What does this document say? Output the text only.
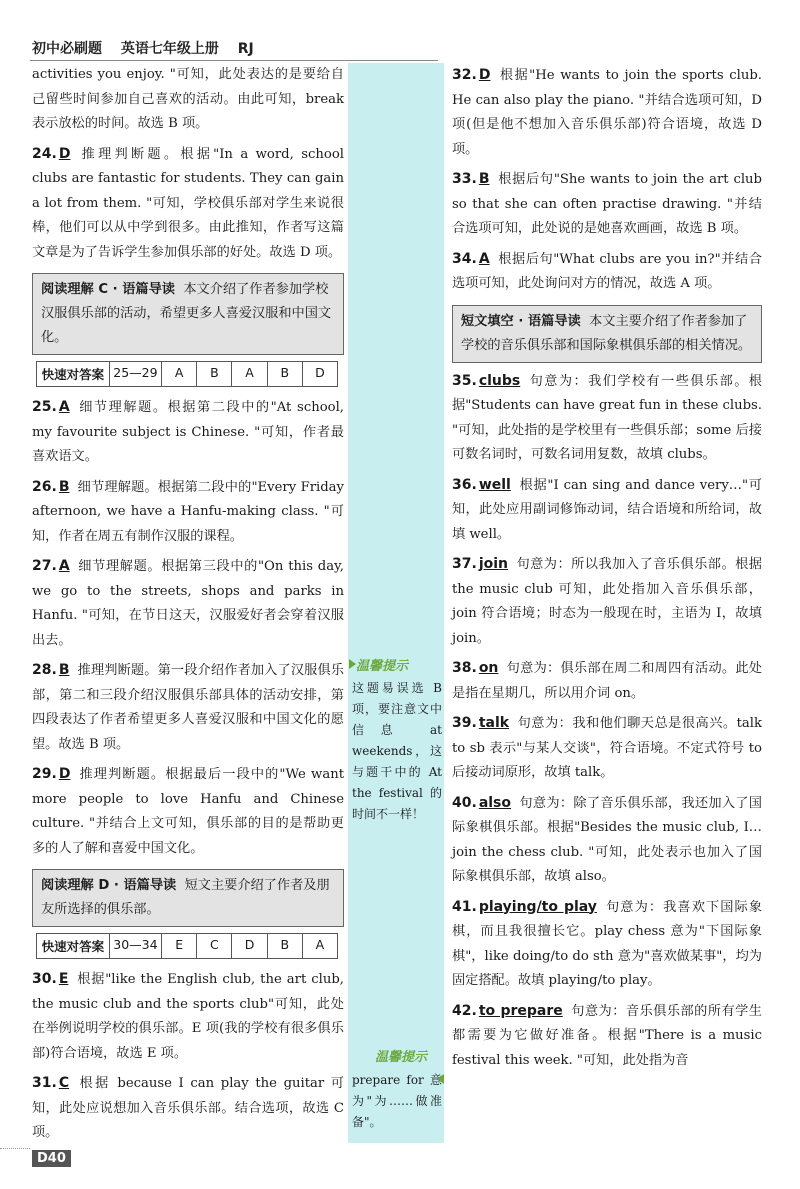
初中必刷题 英语七年级上册 RJ

activities you enjoy. "可知，此处表达的是要给自己留些时间参加自己喜欢的活动。由此可知，break 表示放松的时间。故选 B 项。

24. D 推理判断题。根据"In a word, school clubs are fantastic for students. They can gain a lot from them. "可知，学校俱乐部对学生来说很棒，他们可以从中学到很多。由此推知，作者写这篇文章是为了告诉学生参加俱乐部的好处。故选 D 项。

阅读理解 C · 语篇导读 本文介绍了作者参加学校汉服俱乐部的活动，希望更多人喜爱汉服和中国文化。
快速对答案 25—29	A	B	A	B	D

25. A 细节理解题。根据第二段中的"At school, my favourite subject is Chinese. "可知，作者最喜欢语文。

26. B 细节理解题。根据第二段中的"Every Friday afternoon, we have a Hanfu-making class. "可知，作者在周五有制作汉服的课程。

27. A 细节理解题。根据第三段中的"On this day, we go to the streets, shops and parks in Hanfu. "可知，在节日这天，汉服爱好者会穿着汉服出去。

28. B 推理判断题。第一段介绍作者加入了汉服俱乐部，第二和三段介绍汉服俱乐部具体的活动安排，第四段表达了作者希望更多人喜爱汉服和中国文化的愿望。故选 B 项。

29. D 推理判断题。根据最后一段中的"We want more people to love Hanfu and Chinese culture. "并结合上文可知，俱乐部的目的是帮助更多的人了解和喜爱中国文化。

阅读理解 D · 语篇导读 短文主要介绍了作者及朋友所选择的俱乐部。
快速对答案 30—34	E	C	D	B	A

30. E 根据"like the English club, the art club, the music club and the sports club"可知，此处在举例说明学校的俱乐部。E 项(我的学校有很多俱乐部)符合语境，故选 E 项。

31. C 根据 because I can play the guitar 可知，此处应说想加入音乐俱乐部。结合选项，故选 C 项。

温馨提示
这题易误选 B 项，要注意文中信息 at weekends，这与题干中的 At the festival 的时间不一样！
温馨提示
prepare for 意为"为……做准备"。

32. D 根据"He wants to join the sports club. He can also play the piano. "并结合选项可知，D 项(但是他不想加入音乐俱乐部)符合语境，故选 D 项。

33. B 根据后句"She wants to join the art club so that she can often practise drawing. "并结合选项可知，此处说的是她喜欢画画，故选 B 项。

34. A 根据后句"What clubs are you in?"并结合选项可知，此处询问对方的情况，故选 A 项。

短文填空 · 语篇导读 本文主要介绍了作者参加了学校的音乐俱乐部和国际象棋俱乐部的相关情况。

35. clubs 句意为：我们学校有一些俱乐部。根据"Students can have great fun in these clubs. "可知，此处指的是学校里有一些俱乐部；some 后接可数名词时，可数名词用复数，故填 clubs。

36. well 根据"I can sing and dance very…"可知，此处应用副词修饰动词，结合语境和所给词，故填 well。

37. join 句意为：所以我加入了音乐俱乐部。根据 the music club 可知，此处指加入音乐俱乐部，join 符合语境；时态为一般现在时，主语为 I，故填 join。

38. on 句意为：俱乐部在周二和周四有活动。此处是指在星期几，所以用介词 on。

39. talk 句意为：我和他们聊天总是很高兴。talk to sb 表示"与某人交谈"，符合语境。不定式符号 to 后接动词原形，故填 talk。

40. also 句意为：除了音乐俱乐部，我还加入了国际象棋俱乐部。根据"Besides the music club, I… join the chess club. "可知，此处表示也加入了国际象棋俱乐部，故填 also。

41. playing/to play 句意为：我喜欢下国际象棋，而且我很擅长它。play chess 意为"下国际象棋"，like doing/to do sth 意为"喜欢做某事"，均为固定搭配。故填 playing/to play。

42. to prepare 句意为：音乐俱乐部的所有学生都需要为它做好准备。根据"There is a music festival this week. "可知，此处指为音

D40
